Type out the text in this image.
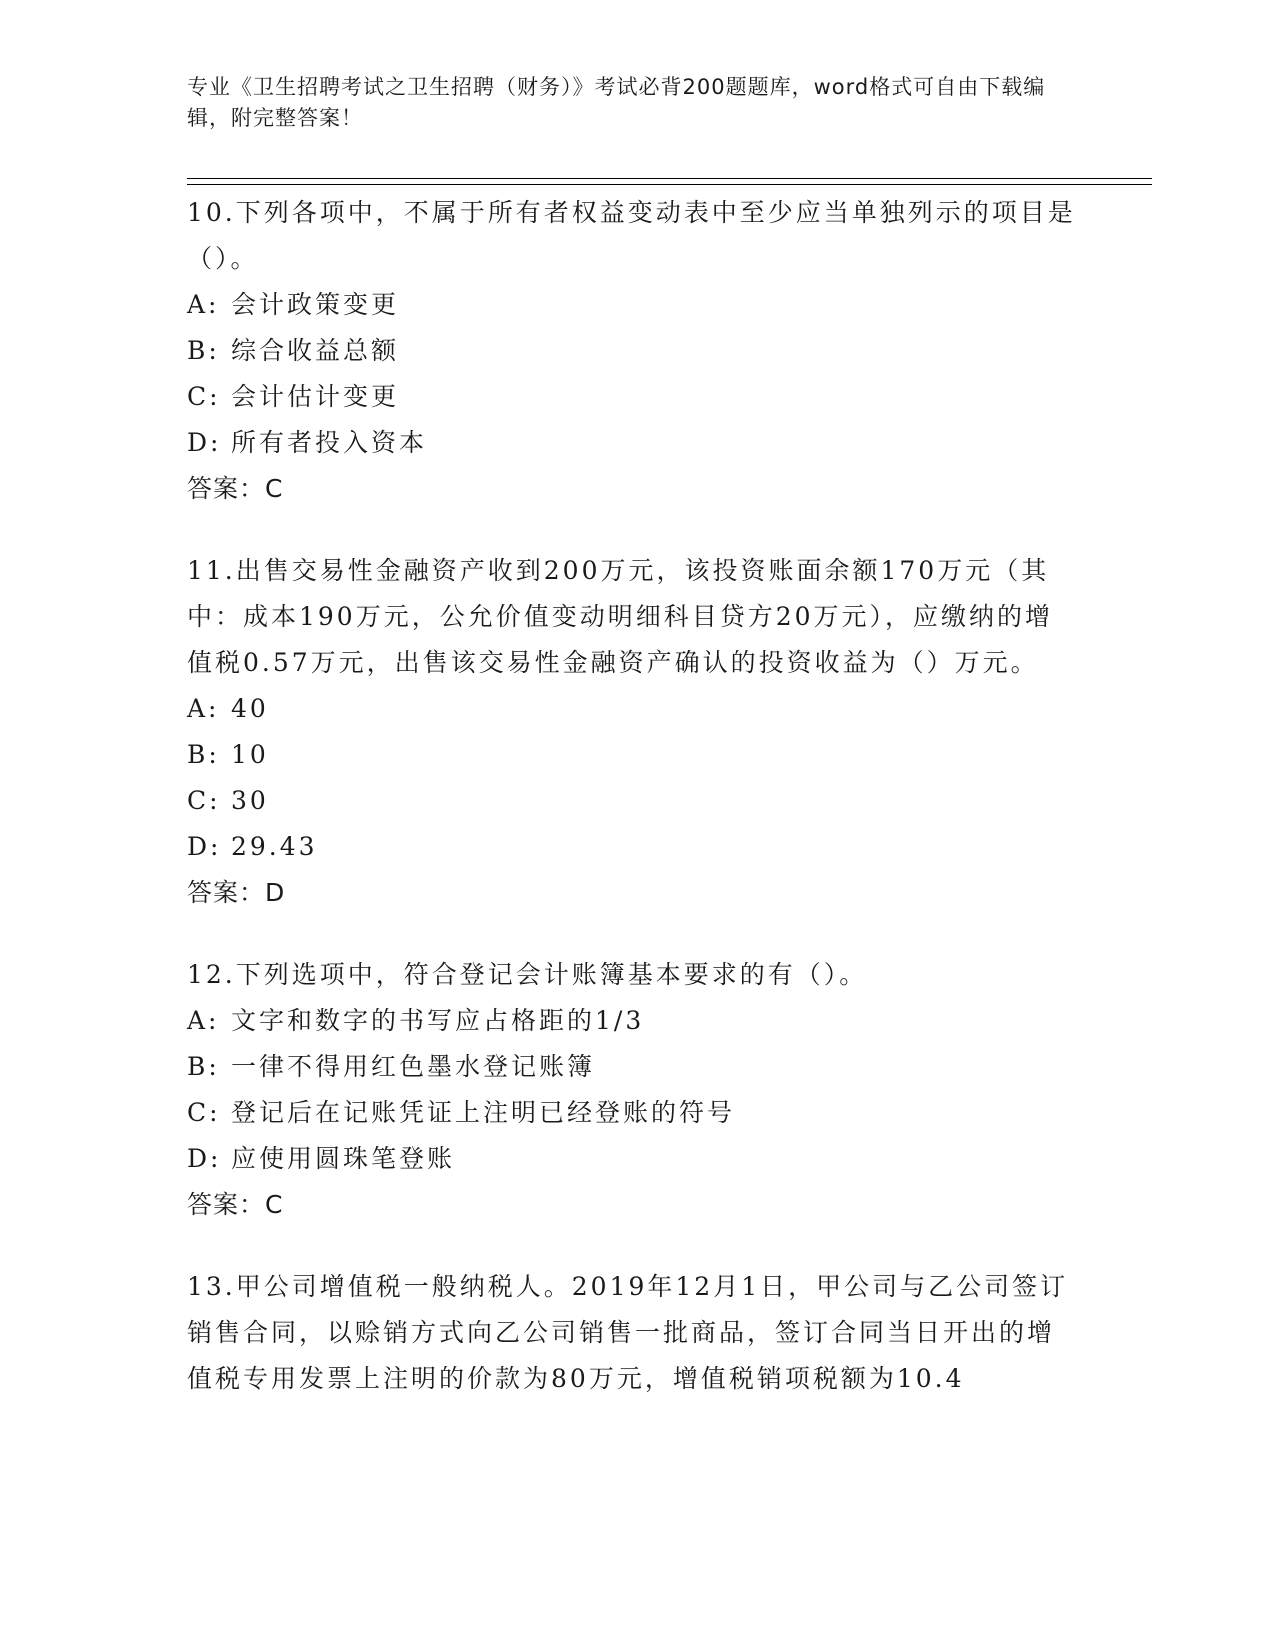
专业《卫生招聘考试之卫生招聘（财务）》考试必背200题题库，word格式可自由下载编辑，附完整答案！

10.下列各项中，不属于所有者权益变动表中至少应当单独列示的项目是（）。

A: 会计政策变更

B: 综合收益总额

C: 会计估计变更

D: 所有者投入资本

答案：C

11.出售交易性金融资产收到200万元，该投资账面余额170万元（其中：成本190万元，公允价值变动明细科目贷方20万元），应缴纳的增值税0.57万元，出售该交易性金融资产确认的投资收益为（）万元。

A: 40

B: 10

C: 30

D: 29.43

答案：D

12.下列选项中，符合登记会计账簿基本要求的有（）。

A: 文字和数字的书写应占格距的1/3

B: 一律不得用红色墨水登记账簿

C: 登记后在记账凭证上注明已经登账的符号

D: 应使用圆珠笔登账

答案：C

13.甲公司增值税一般纳税人。2019年12月1日，甲公司与乙公司签订销售合同，以赊销方式向乙公司销售一批商品，签订合同当日开出的增值税专用发票上注明的价款为80万元，增值税销项税额为10.4
